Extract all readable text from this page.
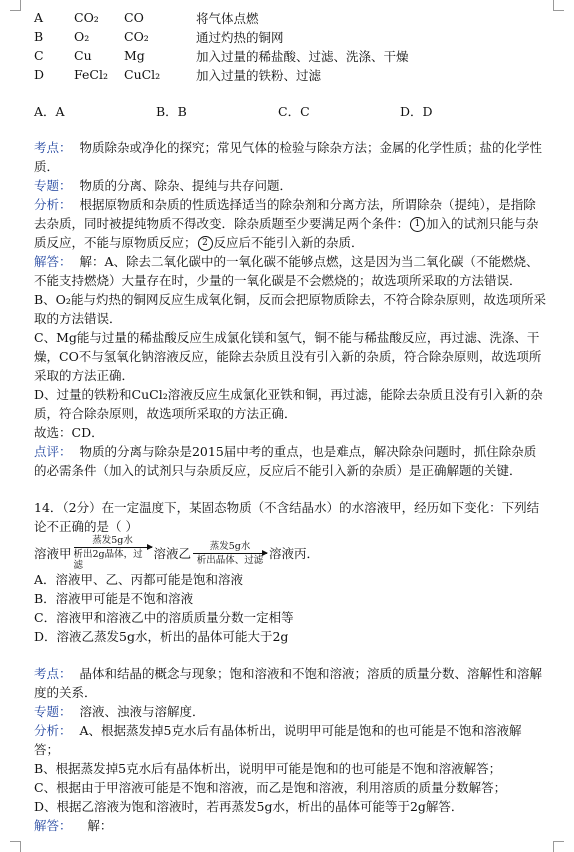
A	CO₂	CO	将气体点燃
B	O₂	CO₂	通过灼热的铜网
C	Cu	Mg	加入过量的稀盐酸、过滤、洗涤、干燥
D	FeCl₂	CuCl₂	加入过量的铁粉、过滤
A．A	B．B	C．C	D．D

考点： 物质除杂或净化的探究；常见气体的检验与除杂方法；金属的化学性质；盐的化学性质．

专题： 物质的分离、除杂、提纯与共存问题．

分析： 根据原物质和杂质的性质选择适当的除杂剂和分离方法，所谓除杂（提纯），是指除去杂质，同时被提纯物质不得改变．除杂质题至少要满足两个条件： 1 加入的试剂只能与杂质反应，不能与原物质反应； 2 反应后不能引入新的杂质．

解答： 解：A、除去二氧化碳中的一氧化碳不能够点燃，这是因为当二氧化碳（不能燃烧、不能支持燃烧）大量存在时，少量的一氧化碳是不会燃烧的；故选项所采取的方法错误．

B、O₂能与灼热的铜网反应生成氧化铜，反而会把原物质除去，不符合除杂原则，故选项所采取的方法错误．

C、Mg能与过量的稀盐酸反应生成氯化镁和氢气，铜不能与稀盐酸反应，再过滤、洗涤、干燥，CO不与氢氧化钠溶液反应，能除去杂质且没有引入新的杂质，符合除杂原则，故选项所采取的方法正确．

D、过量的铁粉和CuCl₂溶液反应生成氯化亚铁和铜，再过滤，能除去杂质且没有引入新的杂质，符合除杂原则，故选项所采取的方法正确．

故选：CD．

点评： 物质的分离与除杂是2015届中考的重点，也是难点，解决除杂问题时，抓住除杂质的必需条件（加入的试剂只与杂质反应，反应后不能引入新的杂质）是正确解题的关键．

14．（2分）在一定温度下，某固态物质（不含结晶水）的水溶液甲，经历如下变化：下列结论不正确的是（ ）

溶液甲
蒸发5g水
析出2g晶体，过滤
溶液乙 蒸发5g水
析出晶体、过滤 溶液丙．

A．溶液甲、乙、丙都可能是饱和溶液

B．溶液甲可能是不饱和溶液

C．溶液甲和溶液乙中的溶质质量分数一定相等

D．溶液乙蒸发5g水，析出的晶体可能大于2g

考点： 晶体和结晶的概念与现象；饱和溶液和不饱和溶液；溶质的质量分数、溶解性和溶解度的关系．

专题： 溶液、浊液与溶解度．

分析： A、根据蒸发掉5克水后有晶体析出，说明甲可能是饱和的也可能是不饱和溶液解答；

B、根据蒸发掉5克水后有晶体析出，说明甲可能是饱和的也可能是不饱和溶液解答；

C、根据由于甲溶液可能是不饱和溶液，而乙是饱和溶液，利用溶质的质量分数解答；

D、根据乙溶液为饱和溶液时，若再蒸发5g水，析出的晶体可能等于2g解答．

解答： 解：
